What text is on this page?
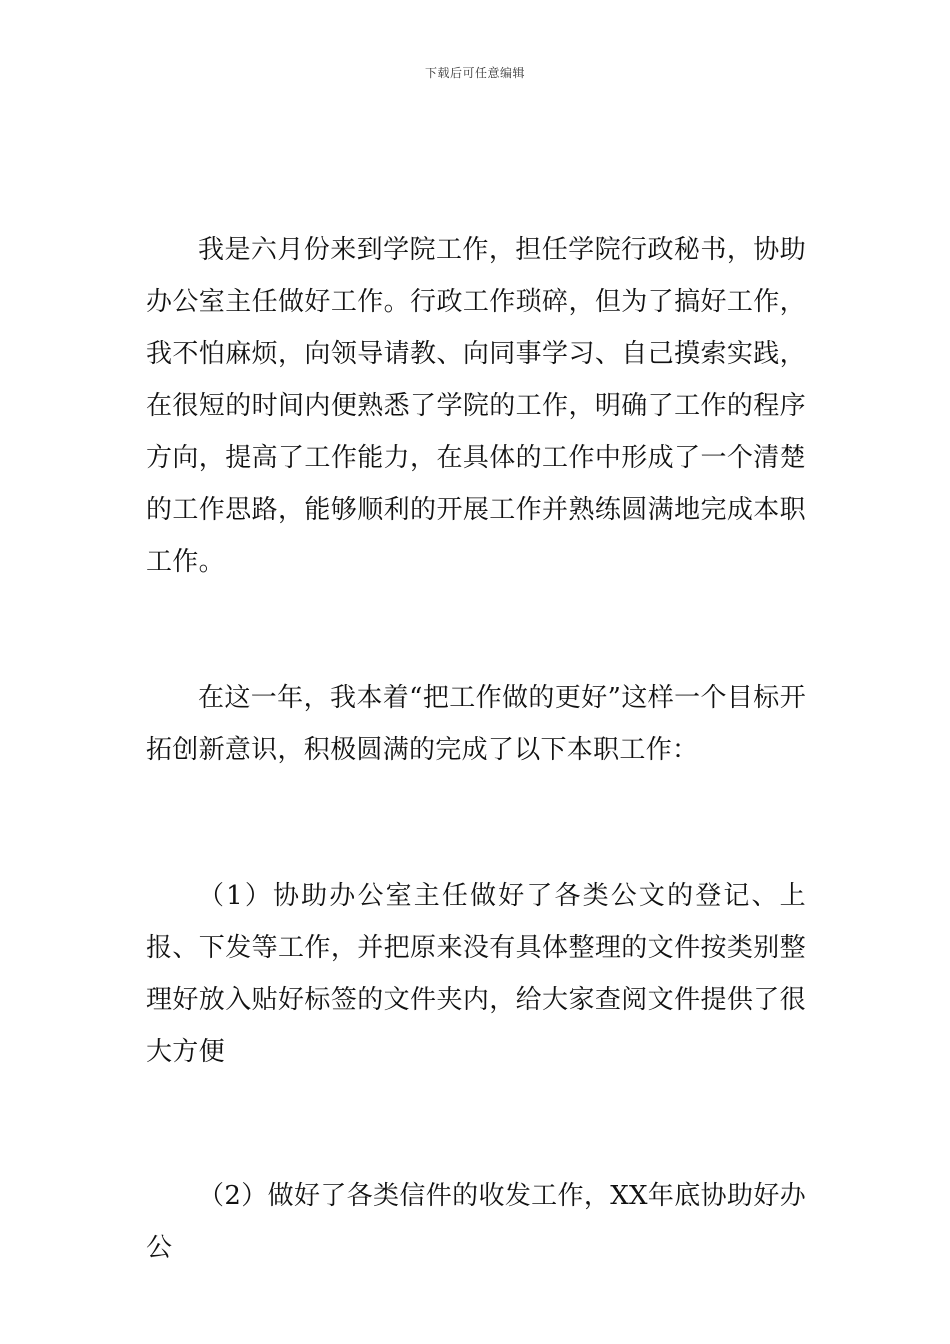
下载后可任意编辑

我是六月份来到学院工作，担任学院行政秘书，协助办公室主任做好工作。行政工作琐碎，但为了搞好工作，我不怕麻烦，向领导请教、向同事学习、自己摸索实践，在很短的时间内便熟悉了学院的工作，明确了工作的程序方向，提高了工作能力，在具体的工作中形成了一个清楚的工作思路，能够顺利的开展工作并熟练圆满地完成本职工作。

在这一年，我本着“把工作做的更好”这样一个目标开拓创新意识，积极圆满的完成了以下本职工作：

（1）协助办公室主任做好了各类公文的登记、上报、下发等工作，并把原来没有具体整理的文件按类别整理好放入贴好标签的文件夹内，给大家查阅文件提供了很大方便

（2）做好了各类信件的收发工作，XX年底协助好办公
